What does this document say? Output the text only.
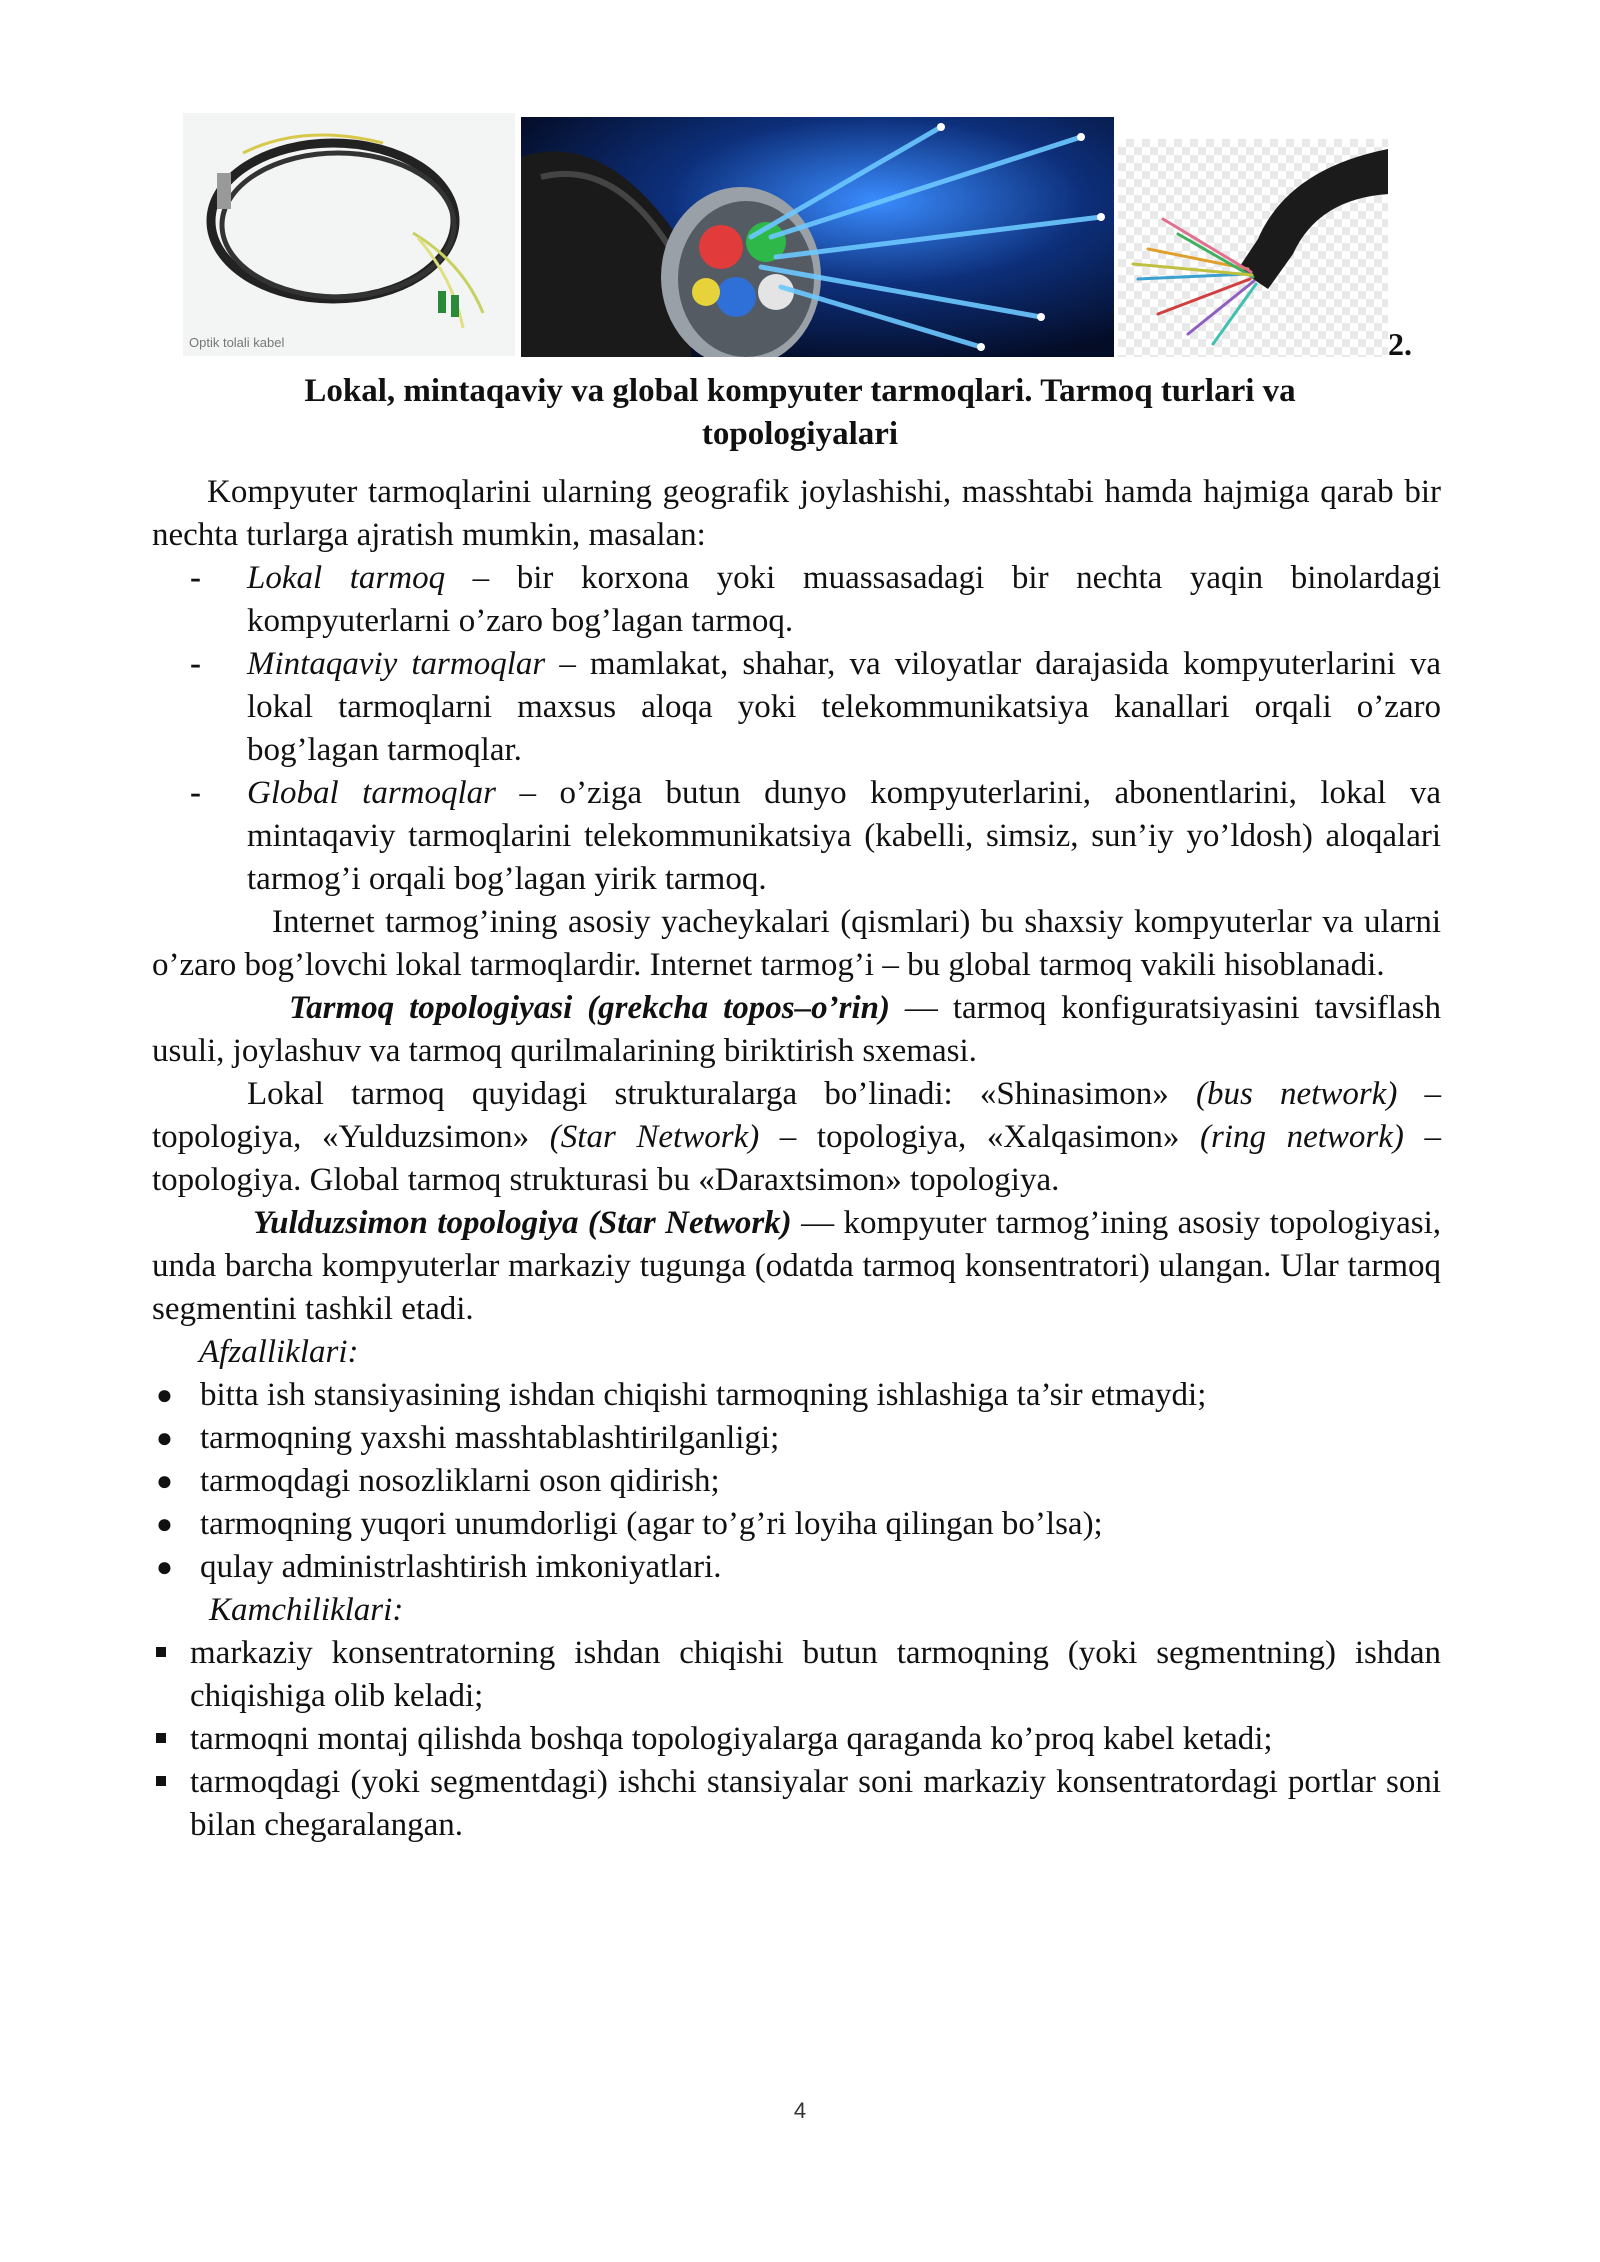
Optik tolali kabel	2.
Lokal, mintaqaviy va global kompyuter tarmoqlari. Tarmoq turlari va topologiyalari

Kompyuter tarmoqlarini ularning geografik joylashishi, masshtabi hamda hajmiga qarab bir nechta turlarga ajratish mumkin, masalan:

- Lokal tarmoq – bir korxona yoki muassasadagi bir nechta yaqin binolardagi kompyuterlarni o’zaro bog’lagan tarmoq.
- Mintaqaviy tarmoqlar – mamlakat, shahar, va viloyatlar darajasida kompyuterlarini va lokal tarmoqlarni maxsus aloqa yoki telekommunikatsiya kanallari orqali o’zaro bog’lagan tarmoqlar.
- Global tarmoqlar – o’ziga butun dunyo kompyuterlarini, abonentlarini, lokal va mintaqaviy tarmoqlarini telekommunikatsiya (kabelli, simsiz, sun’iy yo’ldosh) aloqalari tarmog’i orqali bog’lagan yirik tarmoq.

Internet tarmog’ining asosiy yacheykalari (qismlari) bu shaxsiy kompyuterlar va ularni o’zaro bog’lovchi lokal tarmoqlardir. Internet tarmog’i – bu global tarmoq vakili hisoblanadi.

Tarmoq topologiyasi (grekcha topos–o’rin) — tarmoq konfiguratsiyasini tavsiflash usuli, joylashuv va tarmoq qurilmalarining biriktirish sxemasi.

Lokal tarmoq quyidagi strukturalarga bo’linadi: «Shinasimon» (bus network) – topologiya, «Yulduzsimon» (Star Network) – topologiya, «Xalqasimon» (ring network) – topologiya. Global tarmoq strukturasi bu «Daraxtsimon» topologiya.

Yulduzsimon topologiya (Star Network) — kompyuter tarmog’ining asosiy topologiyasi, unda barcha kompyuterlar markaziy tugunga (odatda tarmoq konsentratori) ulangan. Ular tarmoq segmentini tashkil etadi.

Afzalliklari:

● bitta ish stansiyasining ishdan chiqishi tarmoqning ishlashiga ta’sir etmaydi;
● tarmoqning yaxshi masshtablashtirilganligi;
● tarmoqdagi nosozliklarni oson qidirish;
● tarmoqning yuqori unumdorligi (agar to’g’ri loyiha qilingan bo’lsa);
● qulay administrlashtirish imkoniyatlari.

Kamchiliklari:

markaziy konsentratorning ishdan chiqishi butun tarmoqning (yoki segmentning) ishdan chiqishiga olib keladi;
tarmoqni montaj qilishda boshqa topologiyalarga qaraganda ko’proq kabel ketadi;
tarmoqdagi (yoki segmentdagi) ishchi stansiyalar soni markaziy konsentratordagi portlar soni bilan chegaralangan.
4
